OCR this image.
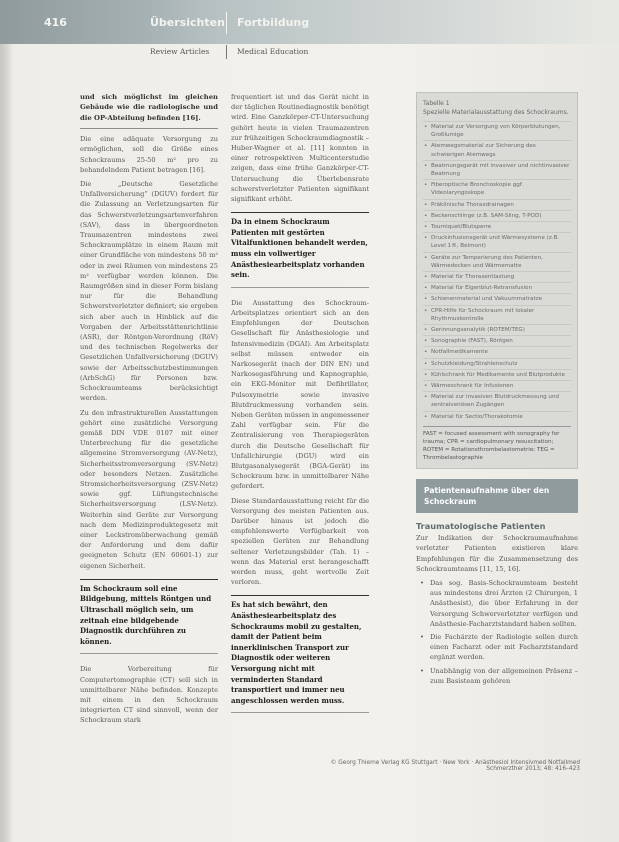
416	Übersichten Fortbildung
Review Articles	Medical Education

und sich möglichst im gleichen Gebäude wie die radiologische und die OP-Abteilung befinden [16].

Die eine adäquate Versorgung zu ermöglichen, soll die Größe eines Schockraums 25-50 m² pro zu behandelndem Patient betragen [16].

Die „Deutsche Gesetzliche Unfallversicherung“ (DGUV) fordert für die Zulassung an Verletzungsarten für das Schwerstverletzungsartenverfahren (SAV), dass in übergeordneten Traumazentren mindestens zwei Schockraumplätze in einem Raum mit einer Grundfläche von mindestens 50 m² oder in zwei Räumen von mindestens 25 m² verfügbar werden können. Die Raumgrößen sind in dieser Form bislang nur für die Behandlung Schwerstverletzter definiert; sie ergeben sich aber auch in Hinblick auf die Vorgaben der Arbeitsstättenrichtlinie (ASR), der Röntgen-Verordnung (RöV) und des technischen Regelwerks der Gesetzlichen Unfallversicherung (DGUV) sowie der Arbeitsschutzbestimmungen (ArbSchG) für Personen bzw. Schockraumteams berücksichtigt werden.

Zu den infrastrukturellen Ausstattungen gehört eine zusätzliche Versorgung gemäß DIN VDE 0107 mit einer Unterbrechung für die gesetzliche allgemeine Stromversorgung (AV-Netz), Sicherheitsstromversorgung (SV-Netz) oder besonders Netzen. Zusätzliche Stromsicherheitsversorgung (ZSV-Netz) sowie ggf. Lüftungstechnische Sicherheitsversorgung (LSV-Netz). Weiterhin sind Geräte zur Versorgung nach dem Medizinproduktegesetz mit einer Leckstromüberwachung gemäß der Anforderung und dem dafür geeigneten Schutz (EN 60601-1) zur eigenen Sicherheit.

Im Schockraum soll eine Bildgebung, mittels Röntgen und Ultraschall möglich sein, um zeitnah eine bildgebende Diagnostik durchführen zu können.

Die Vorbereitung für Computertomographie (CT) soll sich in unmittelbarer Nähe befinden. Konzepte mit einem in den Schockraum integrierten CT sind sinnvoll, wenn der Schockraum stark

frequentiert ist und das Gerät nicht in der täglichen Routinediagnostik benötigt wird. Eine Ganzkörper-CT-Untersuchung gehört heute in vielen Traumazentren zur frühzeitigen Schockraumdiagnostik – Huber-Wagner et al. [11] konnten in einer retrospektiven Multicenterstudie zeigen, dass eine frühe Ganzkörper-CT-Untersuchung die Überlebensrate schwerstverletzter Patienten signifikant signifikant erhöht.

Da in einem Schockraum Patienten mit gestörten Vitalfunktionen behandelt werden, muss ein vollwertiger Anästhesiearbeitsplatz vorhanden sein.

Die Ausstattung des Schockraum-Arbeitsplatzes orientiert sich an den Empfehlungen der Deutschen Gesellschaft für Anästhesiologie und Intensivmedizin (DGAI). Am Arbeitsplatz selbst müssen entweder ein Narkosegerät (nach der DIN EN) und Narkosegasführung und Kapnographie, ein EKG-Monitor mit Defibrillator, Pulsoxymetrie sowie invasive Blutdruckmessung vorhanden sein. Neben Geräten müssen in angemessener Zahl verfügbar sein. Für die Zentralisierung von Therapiegeräten durch die Deutsche Gesellschaft für Unfallchirurgie (DGU) wird ein Blutgasanalysegerät (BGA-Gerät) im Schockraum bzw. in unmittelbarer Nähe gefordert.

Diese Standardausstattung reicht für die Versorgung des meisten Patienten aus. Darüber hinaus ist jedoch die empfehlenswerte Verfügbarkeit von speziellen Geräten zur Behandlung seltener Verletzungsbilder (Tab. 1) – wenn das Material erst herangeschafft werden muss, geht wertvolle Zeit verloren.

Es hat sich bewährt, den Anästhesiearbeitsplatz des Schockraums mobil zu gestalten, damit der Patient beim innerklinischen Transport zur Diagnostik oder weiteren Versorgung nicht mit verminderten Standard transportiert und immer neu angeschlossen werden muss.
Tabelle 1
Spezielle Materialausstattung des Schockraums.
• Material zur Versorgung von Körperblutungen, Großlumige
• Atemwegsmaterial zur Sicherung des schwierigen Atemwegs
• Beatmungsgerät mit invasiver und nichtinvasiver Beatmung
• Fiberoptische Bronchoskopie ggf. Videolaryngoskope
• Präklinische Thoraxdrainagen
• Beckenschlinge (z.B. SAM-Sling, T-POD)
• Tourniquet/Blutsperre
• Druckinfusionsgerät und Wärmesysteme (z.B. Level 1®, Belmont)
• Geräte zur Temperierung des Patienten, Wärmedecken und Wärmematte
• Material für Thoraxentlastung
• Material für Eigenblut-Retransfusion
• Schienenmaterial und Vakuummatratze
• CPR-Hilfe für Schockraum mit lokaler Rhythmuskontrolle
• Gerinnungsanalytik (ROTEM/TEG)
• Sonographie (FAST), Röntgen
• Notfallmedikamente
• Schutzkleidung/Strahlenschutz
• Kühlschrank für Medikamente und Blutprodukte
• Wärmeschrank für Infusionen
• Material zur invasiven Blutdruckmessung und zentralvenösen Zugängen
• Material für Sectio/Thorakotomie
FAST = focused assessment with sonography for trauma; CPR = cardiopulmonary resuscitation; ROTEM = Rotationsthrombelastometrie; TEG = Thrombelastographie
Patientenaufnahme über den Schockraum
Traumatologische Patienten

Zur Indikation der Schockraumaufnahme verletzter Patienten existieren klare Empfehlungen für die Zusammensetzung des Schockraumteams [11, 15, 16].

• Das sog. Basis-Schockraumteam besteht aus mindestens drei Ärzten (2 Chirurgen, 1 Anästhesist), die über Erfahrung in der Versorgung Schwerverletzter verfügen und Anästhesie-Facharztstandard haben sollten.
• Die Fachärzte der Radiologie sollen durch einen Facharzt oder mit Facharztstandard ergänzt werden.
• Unabhängig von der allgemeinen Präsenz – zum Basisteam gehören
© Georg Thieme Verlag KG Stuttgart · New York · Anästhesiol Intensivmed Notfallmed Schmerzther 2013; 48: 416–423
